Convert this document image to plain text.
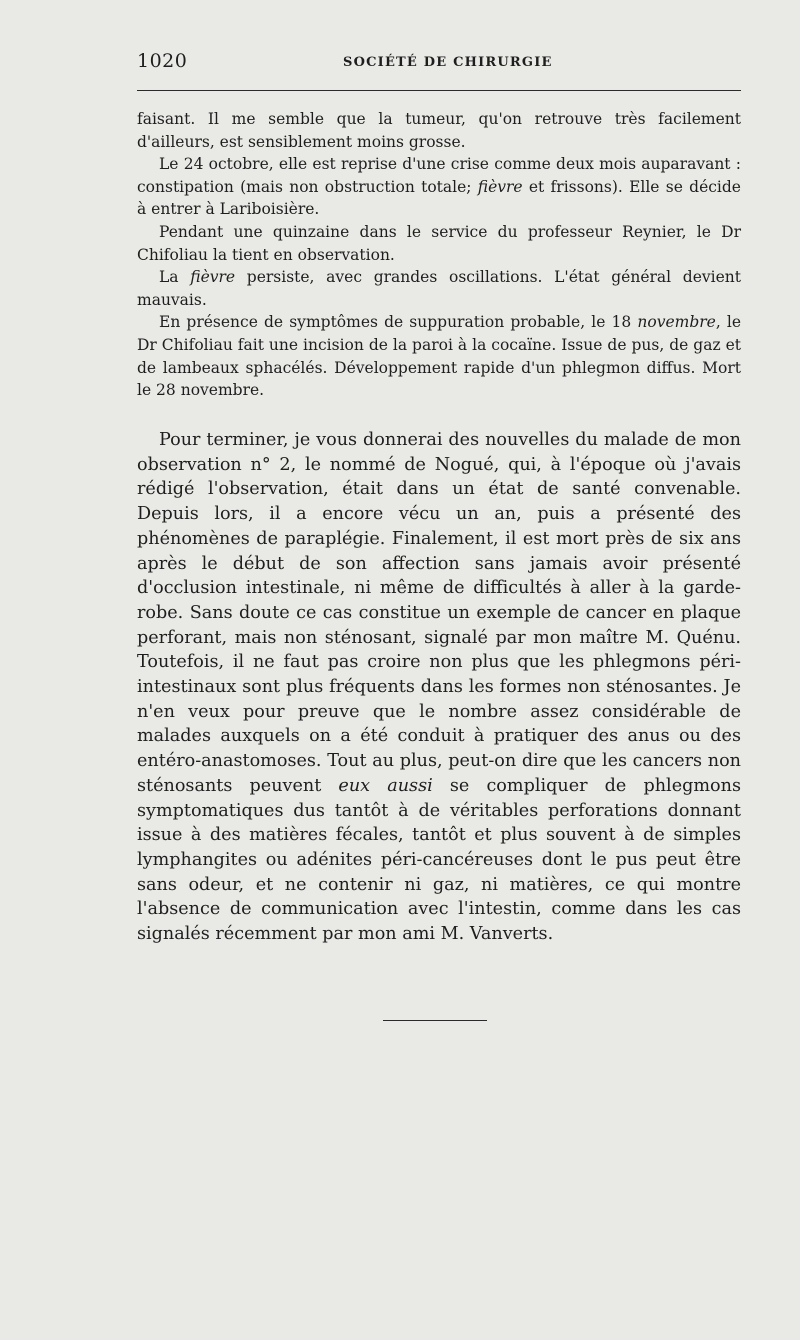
1020	SOCIÉTÉ DE CHIRURGIE

faisant. Il me semble que la tumeur, qu'on retrouve très facilement d'ailleurs, est sensiblement moins grosse.

Le 24 octobre, elle est reprise d'une crise comme deux mois auparavant : constipation (mais non obstruction totale; fièvre et frissons). Elle se décide à entrer à Lariboisière.

Pendant une quinzaine dans le service du professeur Reynier, le Dr Chifoliau la tient en observation.

La fièvre persiste, avec grandes oscillations. L'état général devient mauvais.

En présence de symptômes de suppuration probable, le 18 novembre, le Dr Chifoliau fait une incision de la paroi à la cocaïne. Issue de pus, de gaz et de lambeaux sphacélés. Développement rapide d'un phlegmon diffus. Mort le 28 novembre.

Pour terminer, je vous donnerai des nouvelles du malade de mon observation n° 2, le nommé de Nogué, qui, à l'époque où j'avais rédigé l'observation, était dans un état de santé convenable. Depuis lors, il a encore vécu un an, puis a présenté des phénomènes de paraplégie. Finalement, il est mort près de six ans après le début de son affection sans jamais avoir présenté d'occlusion intestinale, ni même de difficultés à aller à la garde-robe. Sans doute ce cas constitue un exemple de cancer en plaque perforant, mais non sténosant, signalé par mon maître M. Quénu. Toutefois, il ne faut pas croire non plus que les phlegmons péri-intestinaux sont plus fréquents dans les formes non sténosantes. Je n'en veux pour preuve que le nombre assez considérable de malades auxquels on a été conduit à pratiquer des anus ou des entéro-anastomoses. Tout au plus, peut-on dire que les cancers non sténosants peuvent eux aussi se compliquer de phlegmons symptomatiques dus tantôt à de véritables perforations donnant issue à des matières fécales, tantôt et plus souvent à de simples lymphangites ou adénites péri-cancéreuses dont le pus peut être sans odeur, et ne contenir ni gaz, ni matières, ce qui montre l'absence de communication avec l'intestin, comme dans les cas signalés récemment par mon ami M. Vanverts.
